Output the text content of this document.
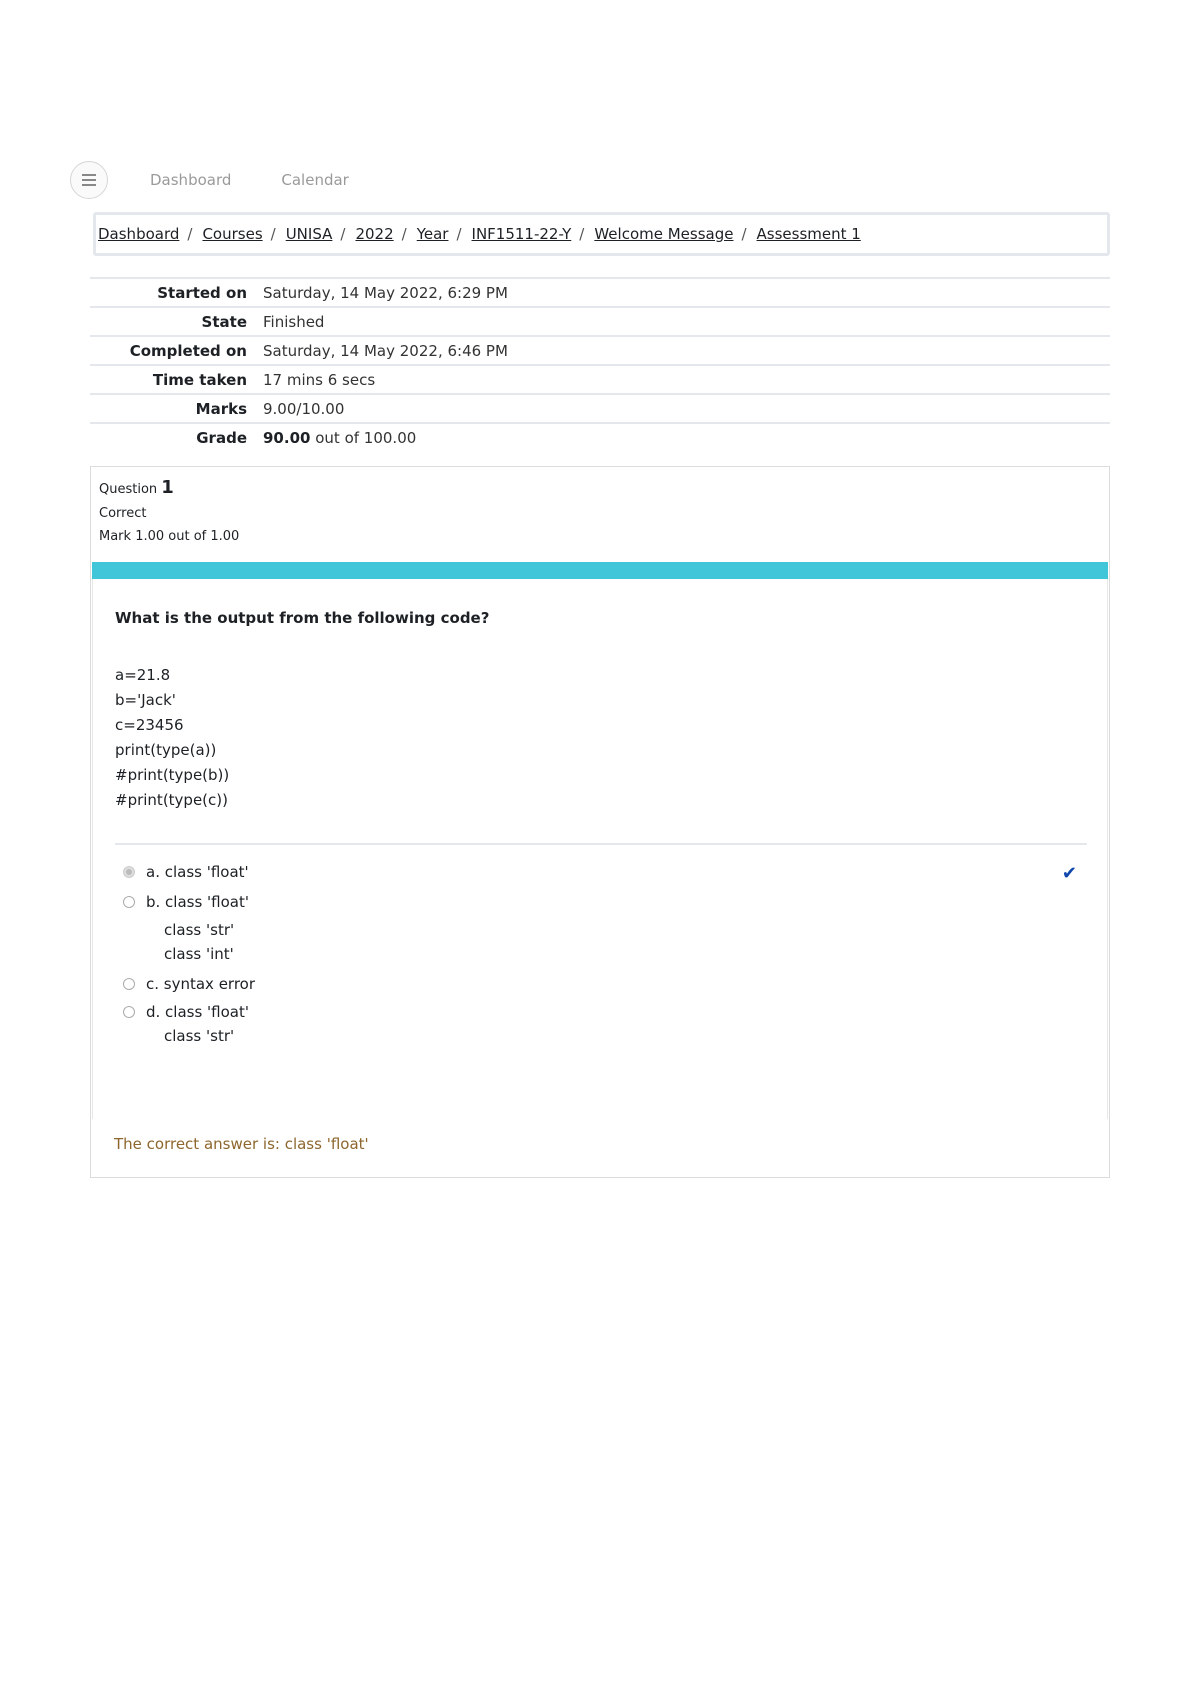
Dashboard	Calendar
Dashboard / Courses / UNISA / 2022 / Year / INF1511-22-Y / Welcome Message / Assessment 1
Started on	Saturday, 14 May 2022, 6:29 PM
State	Finished
Completed on	Saturday, 14 May 2022, 6:46 PM
Time taken	17 mins 6 secs
Marks	9.00/10.00
Grade	90.00 out of 100.00
Question 1
Correct
Mark 1.00 out of 1.00
What is the output from the following code?
a=21.8
b='Jack'
c=23456
print(type(a))
#print(type(b))
#print(type(c))
a. class 'float'	✔
b. class 'float'
class 'str'
class 'int'
c. syntax error
d. class 'float'
class 'str'
The correct answer is: class 'float'
